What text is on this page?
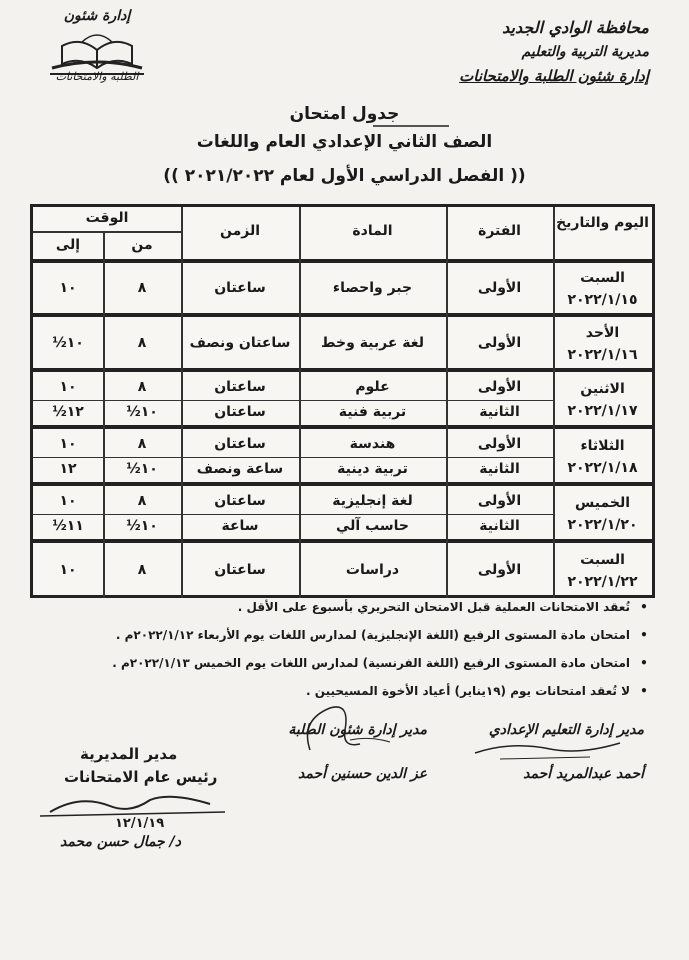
محافظة الوادي الجديد
مديرية التربية والتعليم
إدارة شئون الطلبة والامتحانات
إدارة شئون
الطلبة والامتحانات
جدول امتحان
الصف الثاني الإعدادي العام واللغات
(( الفصل الدراسي الأول لعام ٢٠٢١/٢٠٢٢ ))
اليوم والتاريخ
الفترة
المادة
الزمن
الوقت
من
إلى
السبت
٢٠٢٢/١/١٥
الأولى
جبر واحصاء
ساعتان
٨
١٠
الأحد
٢٠٢٢/١/١٦
الأولى
لغة عربية وخط
ساعتان ونصف
٨
١٠½
الاثنين
٢٠٢٢/١/١٧
الأولى
علوم
ساعتان
٨
١٠
الثانية
تربية فنية
ساعتان
١٠½
١٢½
الثلاثاء
٢٠٢٢/١/١٨
الأولى
هندسة
ساعتان
٨
١٠
الثانية
تربية دينية
ساعة ونصف
١٠½
١٢
الخميس
٢٠٢٢/١/٢٠
الأولى
لغة إنجليزية
ساعتان
٨
١٠
الثانية
حاسب آلي
ساعة
١٠½
١١½
السبت
٢٠٢٢/١/٢٢
الأولى
دراسات
ساعتان
٨
١٠
•تُعقد الامتحانات العملية قبل الامتحان التحريري بأسبوع على الأقل .
•امتحان مادة المستوى الرفيع (اللغة الإنجليزية) لمدارس اللغات يوم الأربعاء ٢٠٢٢/١/١٢م .
•امتحان مادة المستوى الرفيع (اللغة الفرنسية) لمدارس اللغات يوم الخميس ٢٠٢٢/١/١٣م .
•لا تُعقد امتحانات يوم (١٩يناير) أعياد الأخوة المسيحيين .
مدير إدارة التعليم الإعدادي
أحمد عبدالمريد أحمد
مدير إدارة شئون الطلبة
عز الدين حسنين أحمد
مدير المديرية
رئيس عام الامتحانات
١٢/١/١٩
د/ جمال حسن محمد
